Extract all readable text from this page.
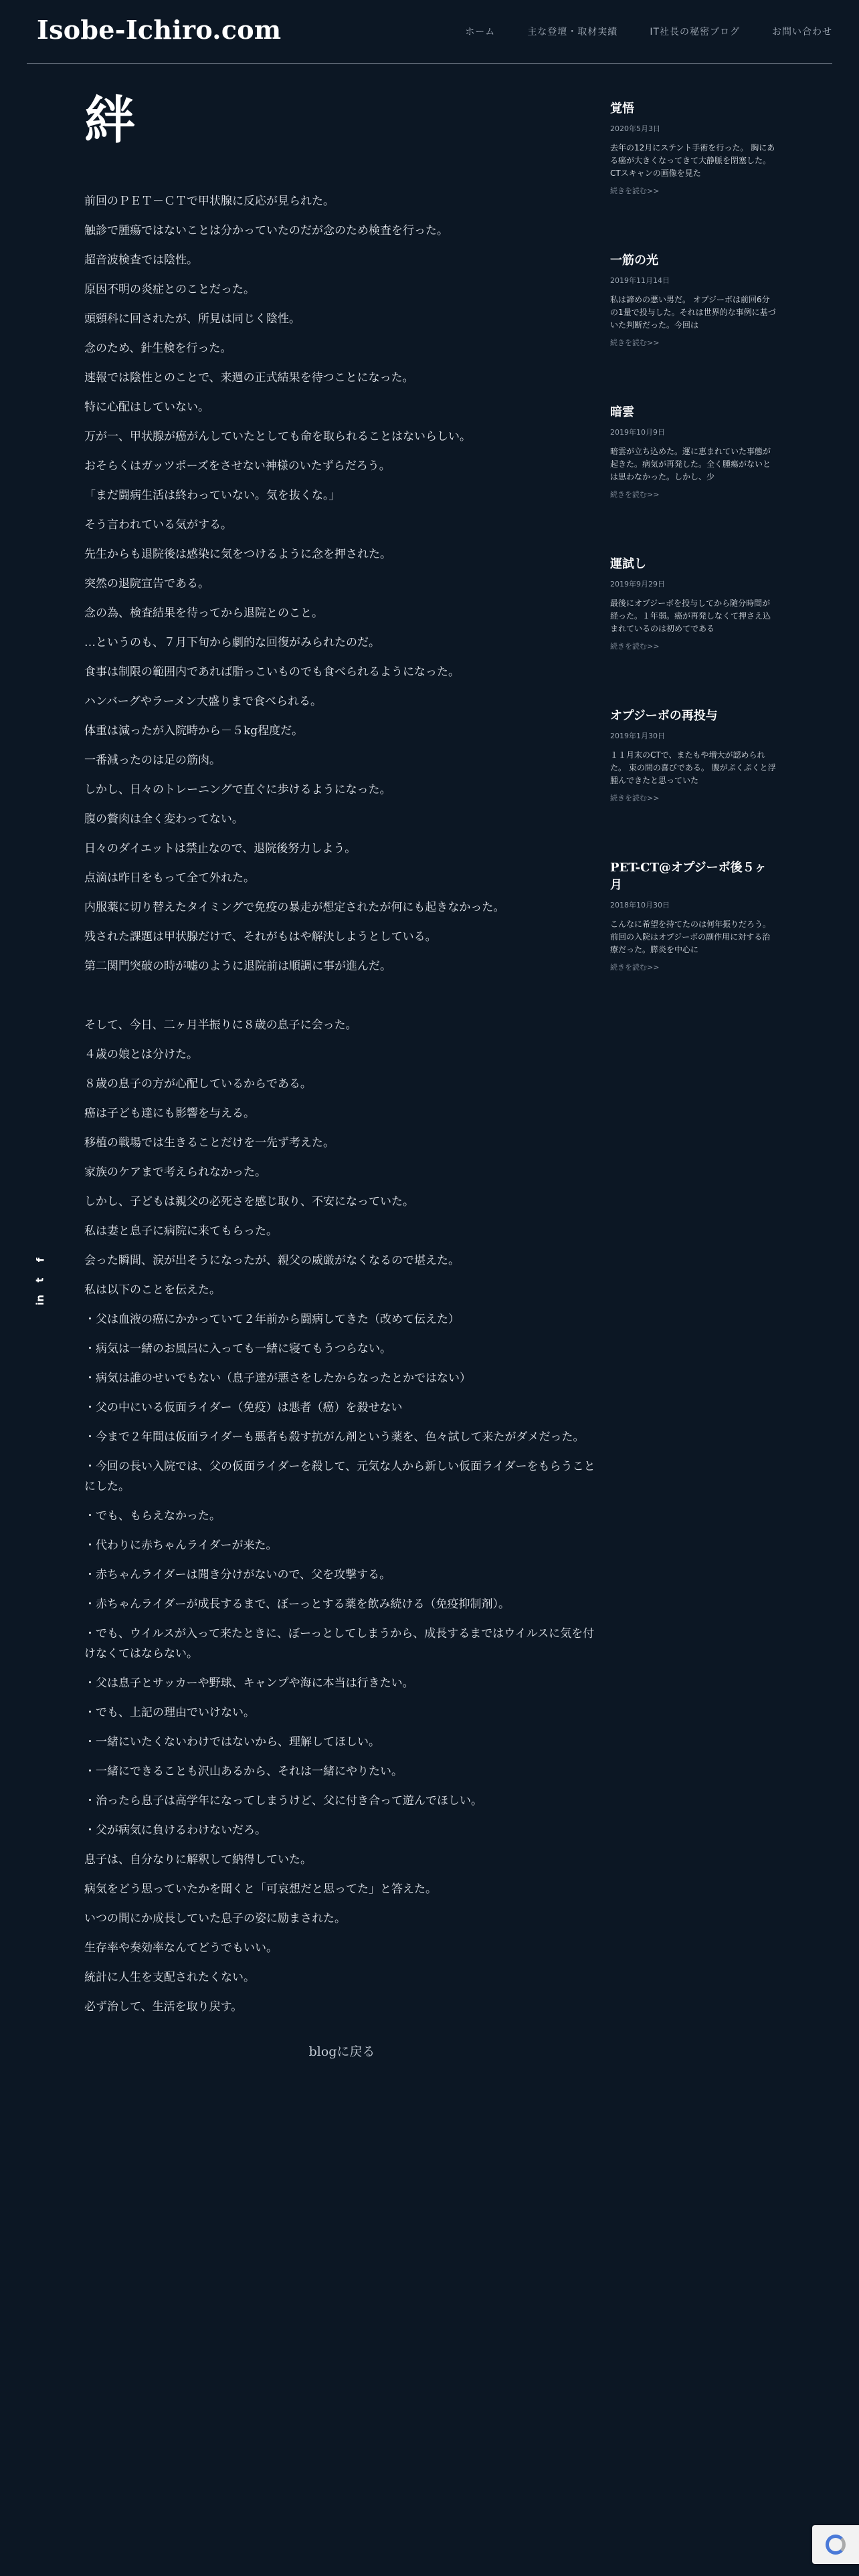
Isobe-Ichiro.com	ホーム	主な登壇・取材実績	IT社長の秘密ブログ	お問い合わせ
f
t
in
絆
前回のＰＥＴ－ＣＴで甲状腺に反応が見られた。
触診で腫瘍ではないことは分かっていたのだが念のため検査を行った。
超音波検査では陰性。
原因不明の炎症とのことだった。
頭頸科に回されたが、所見は同じく陰性。
念のため、針生検を行った。
速報では陰性とのことで、来週の正式結果を待つことになった。
特に心配はしていない。
万が一、甲状腺が癌がんしていたとしても命を取られることはないらしい。
おそらくはガッツポーズをさせない神様のいたずらだろう。
「まだ闘病生活は終わっていない。気を抜くな。」
そう言われている気がする。
先生からも退院後は感染に気をつけるように念を押された。
突然の退院宣告である。
念の為、検査結果を待ってから退院とのこと。
…というのも、７月下旬から劇的な回復がみられたのだ。
食事は制限の範囲内であれば脂っこいものでも食べられるようになった。
ハンバーグやラーメン大盛りまで食べられる。
体重は減ったが入院時から－５kg程度だ。
一番減ったのは足の筋肉。
しかし、日々のトレーニングで直ぐに歩けるようになった。
腹の贅肉は全く変わってない。
日々のダイエットは禁止なので、退院後努力しよう。
点滴は昨日をもって全て外れた。
内服薬に切り替えたタイミングで免疫の暴走が想定されたが何にも起きなかった。
残された課題は甲状腺だけで、それがもはや解決しようとしている。
第二関門突破の時が嘘のように退院前は順調に事が進んだ。
そして、今日、二ヶ月半振りに８歳の息子に会った。
４歳の娘とは分けた。
８歳の息子の方が心配しているからである。
癌は子ども達にも影響を与える。
移植の戦場では生きることだけを一先ず考えた。
家族のケアまで考えられなかった。
しかし、子どもは親父の必死さを感じ取り、不安になっていた。
私は妻と息子に病院に来てもらった。
会った瞬間、涙が出そうになったが、親父の威厳がなくなるので堪えた。
私は以下のことを伝えた。
・父は血液の癌にかかっていて２年前から闘病してきた（改めて伝えた）
・病気は一緒のお風呂に入っても一緒に寝てもうつらない。
・病気は誰のせいでもない（息子達が悪さをしたからなったとかではない）
・父の中にいる仮面ライダー（免疫）は悪者（癌）を殺せない
・今まで２年間は仮面ライダーも悪者も殺す抗がん剤という薬を、色々試して来たがダメだった。
・今回の長い入院では、父の仮面ライダーを殺して、元気な人から新しい仮面ライダーをもらうことにした。
・でも、もらえなかった。
・代わりに赤ちゃんライダーが来た。
・赤ちゃんライダーは聞き分けがないので、父を攻撃する。
・赤ちゃんライダーが成長するまで、ぼーっとする薬を飲み続ける（免疫抑制剤）。
・でも、ウイルスが入って来たときに、ぼーっとしてしまうから、成長するまではウイルスに気を付けなくてはならない。
・父は息子とサッカーや野球、キャンプや海に本当は行きたい。
・でも、上記の理由でいけない。
・一緒にいたくないわけではないから、理解してほしい。
・一緒にできることも沢山あるから、それは一緒にやりたい。
・治ったら息子は高学年になってしまうけど、父に付き合って遊んでほしい。
・父が病気に負けるわけないだろ。
息子は、自分なりに解釈して納得していた。
病気をどう思っていたかを聞くと「可哀想だと思ってた」と答えた。
いつの間にか成長していた息子の姿に励まされた。
生存率や奏効率なんてどうでもいい。
統計に人生を支配されたくない。
必ず治して、生活を取り戻す。
blogに戻る
覚悟
2020年5月3日
去年の12月にステント手術を行った。 胸にある癌が大きくなってきて大静脈を閉塞した。CTスキャンの画像を見た
続きを読む>>
一筋の光
2019年11月14日
私は諦めの悪い男だ。 オプジーボは前回6分の1量で投与した。それは世界的な事例に基づいた判断だった。今回は
続きを読む>>
暗雲
2019年10月9日
暗雲が立ち込めた。運に恵まれていた事態が起きた。病気が再発した。全く腫瘍がないとは思わなかった。しかし、少
続きを読む>>
運試し
2019年9月29日
最後にオプジーボを投与してから随分時間が経った。１年弱。癌が再発しなくて押さえ込まれているのは初めてである
続きを読む>>
オプジーボの再投与
2019年1月30日
１１月末のCTで、またもや増大が認められた。 束の間の喜びである。 腹がぷくぷくと浮腫んできたと思っていた
続きを読む>>
PET-CT@オプジーボ後５ヶ月
2018年10月30日
こんなに希望を持てたのは何年振りだろう。 前回の入院はオプジーボの副作用に対する治療だった。膵炎を中心に
続きを読む>>
